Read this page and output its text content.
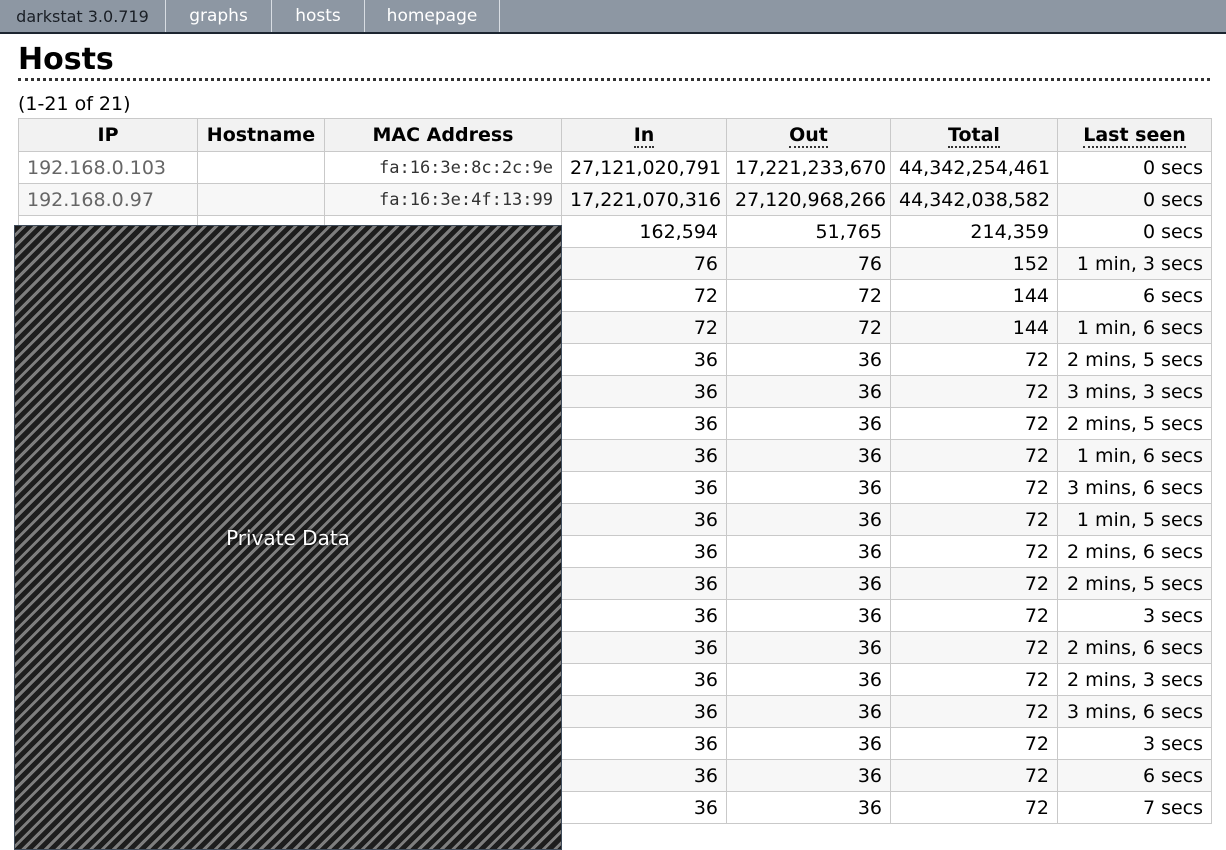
darkstat 3.0.719	graphs	hosts	homepage
Hosts
(1-21 of 21)
IP	Hostname	MAC Address	In	Out	Total	Last seen
192.168.0.103		fa:16:3e:8c:2c:9e	27,121,020,791	17,221,233,670	44,342,254,461	0 secs
192.168.0.97		fa:16:3e:4f:13:99	17,221,070,316	27,120,968,266	44,342,038,582	0 secs
			162,594	51,765	214,359	0 secs
			76	76	152	1 min, 3 secs
			72	72	144	6 secs
			72	72	144	1 min, 6 secs
			36	36	72	2 mins, 5 secs
			36	36	72	3 mins, 3 secs
			36	36	72	2 mins, 5 secs
			36	36	72	1 min, 6 secs
			36	36	72	3 mins, 6 secs
			36	36	72	1 min, 5 secs
			36	36	72	2 mins, 6 secs
			36	36	72	2 mins, 5 secs
			36	36	72	3 secs
			36	36	72	2 mins, 6 secs
			36	36	72	2 mins, 3 secs
			36	36	72	3 mins, 6 secs
			36	36	72	3 secs
			36	36	72	6 secs
			36	36	72	7 secs
Private Data
